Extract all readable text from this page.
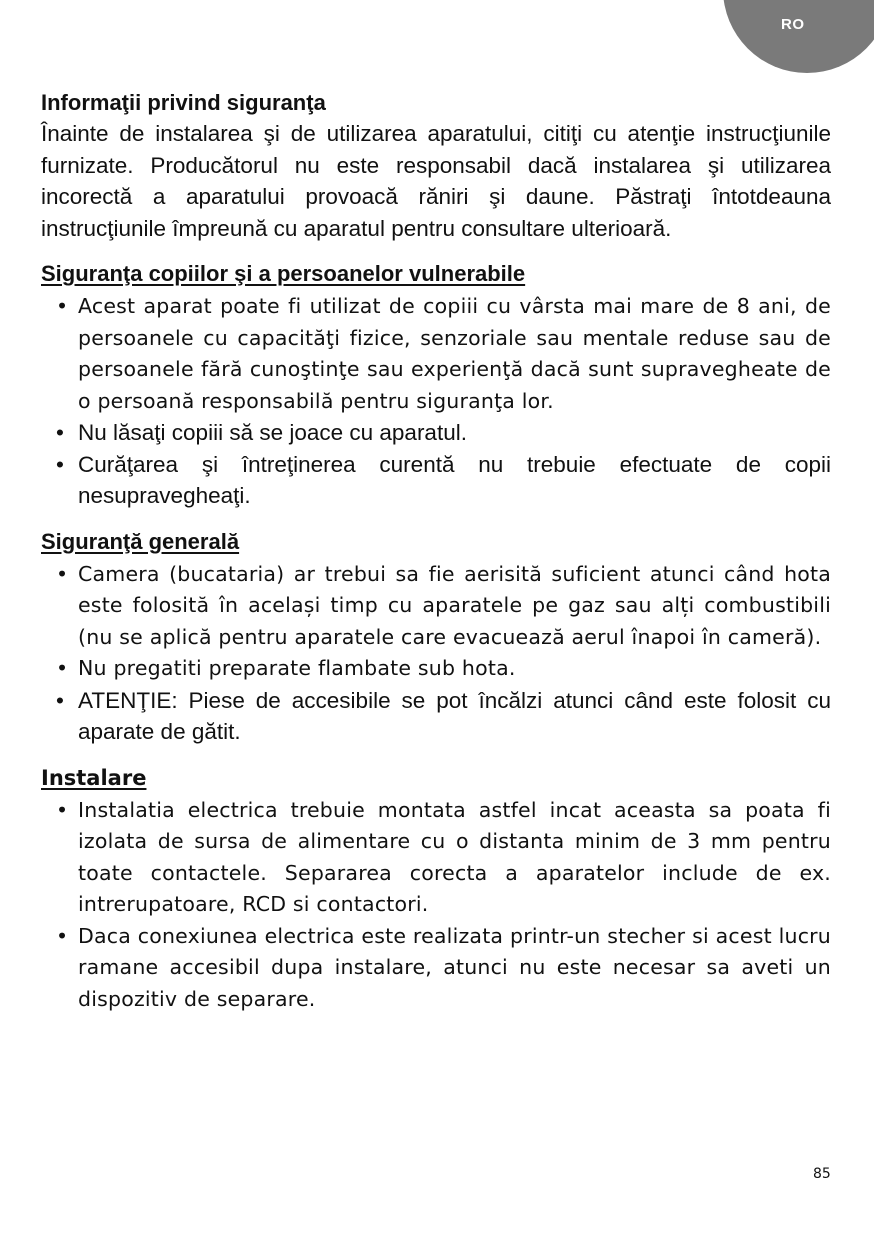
RO
Informaţii privind siguranţa

Înainte de instalarea şi de utilizarea aparatului, citiţi cu atenţie instrucţiunile furnizate. Producătorul nu este responsabil dacă instalarea şi utilizarea incorectă a aparatului provoacă răniri şi daune. Păstraţi întotdeauna instrucţiunile împreună cu aparatul pentru consultare ulterioară.

Siguranţa copiilor şi a persoanelor vulnerabile
• Acest aparat poate fi utilizat de copiii cu vârsta mai mare de 8 ani, de persoanele cu capacităţi fizice, senzoriale sau mentale reduse sau de persoanele fără cunoştinţe sau experienţă dacă sunt supravegheate de o persoană responsabilă pentru siguranţa lor.
• Nu lăsaţi copiii să se joace cu aparatul.
• Curăţarea şi întreţinerea curentă nu trebuie efectuate de copii nesupravegheaţi.
Siguranţă generală
• Camera (bucataria) ar trebui sa fie aerisită suficient atunci când hota este folosită în același timp cu aparatele pe gaz sau alți combustibili (nu se aplică pentru aparatele care evacuează aerul înapoi în cameră).
• Nu pregatiti preparate flambate sub hota.
• ATENŢIE: Piese de accesibile se pot încălzi atunci când este folosit cu aparate de gătit.
Instalare
• Instalatia electrica trebuie montata astfel incat aceasta sa poata fi izolata de sursa de alimentare cu o distanta minim de 3 mm pentru toate contactele. Separarea corecta a aparatelor include de ex. intrerupatoare, RCD si contactori.
• Daca conexiunea electrica este realizata printr-un stecher si acest lucru ramane accesibil dupa instalare, atunci nu este necesar sa aveti un dispozitiv de separare.
85
